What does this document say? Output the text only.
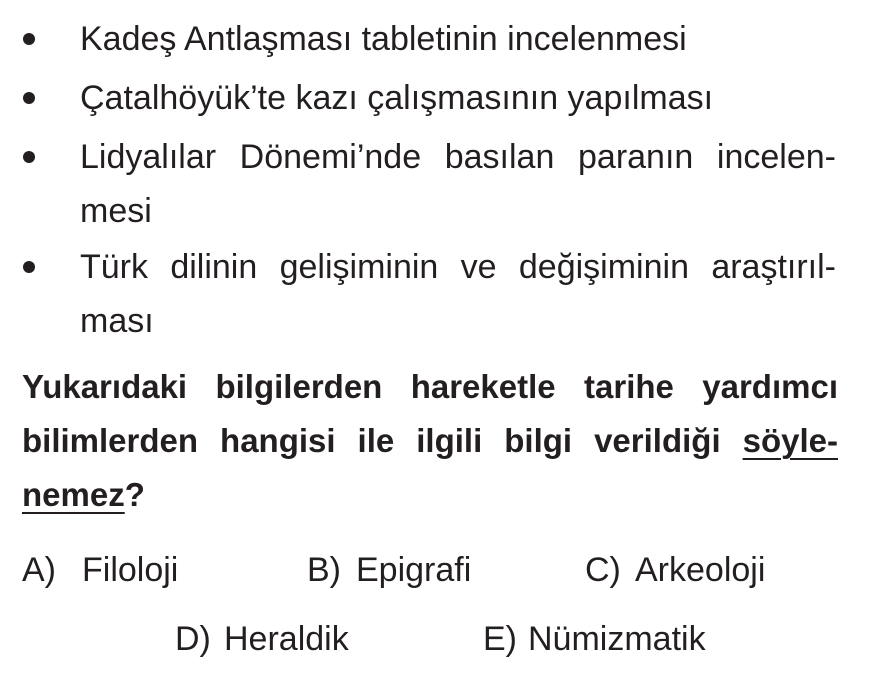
Kadeş Antlaşması tabletinin incelenmesi
Çatalhöyük’te kazı çalışmasının yapılması
Lidyalılar Dönemi’nde basılan paranın incelen-
mesi
Türk dilinin gelişiminin ve değişiminin araştırıl-
ması
Yukarıdaki bilgilerden hareketle tarihe yardımcı
bilimlerden hangisi ile ilgili bilgi verildiği söyle-
nemez?
A) Filoloji	B) Epigrafi	C) Arkeoloji
D) Heraldik	E) Nümizmatik
